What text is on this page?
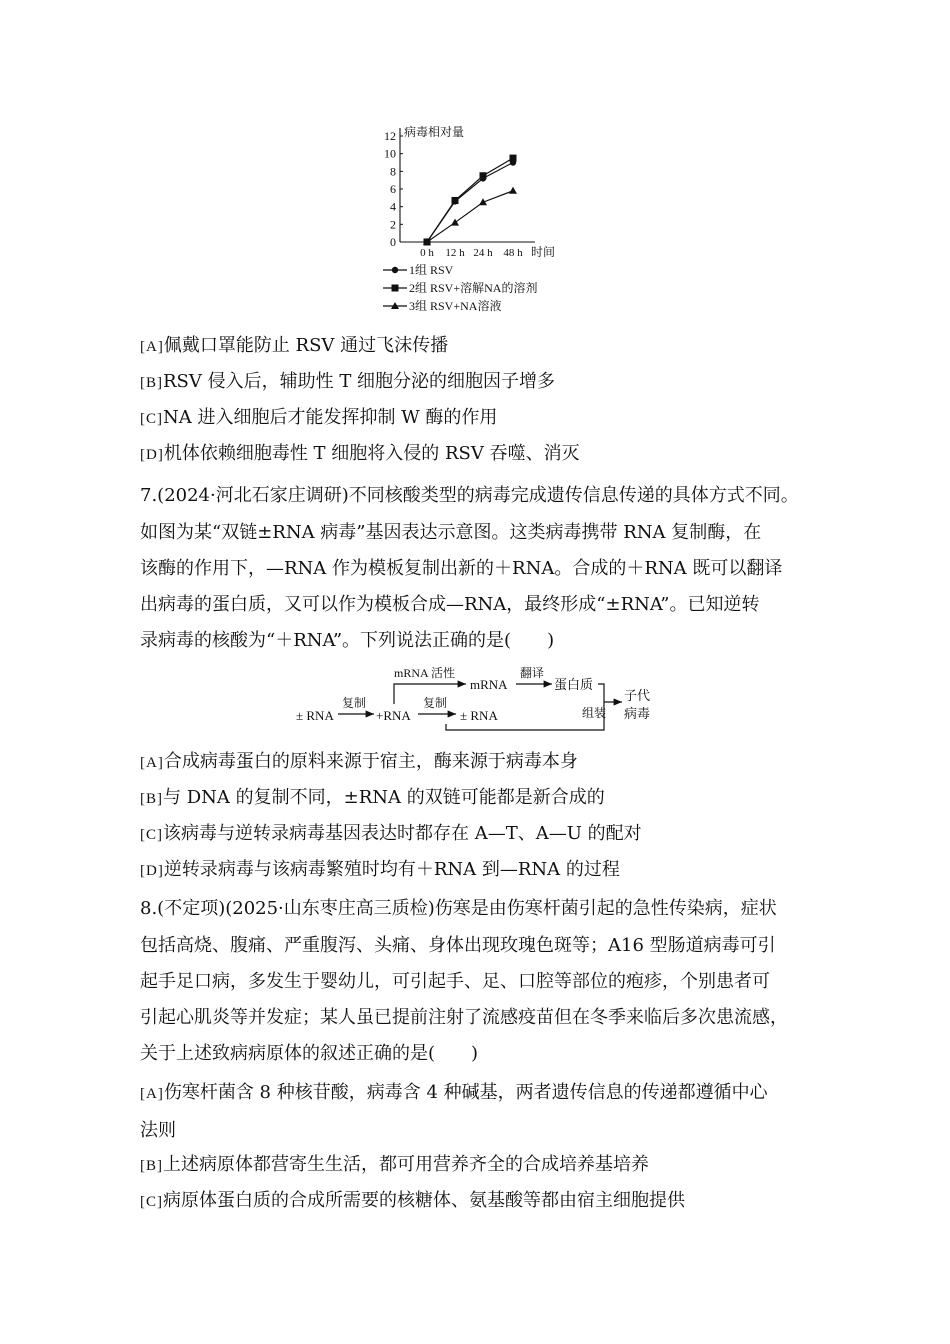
0
2
4
6
8
10
12 病毒相对量
0 h 12 h 24 h 48 h 时间
1组 RSV
2组 RSV+溶解NA的溶剂
3组 RSV+NA溶液
[A]佩戴口罩能防止 RSV 通过飞沫传播
[B]RSV 侵入后，辅助性 T 细胞分泌的细胞因子增多
[C]NA 进入细胞后才能发挥抑制 W 酶的作用
[D]机体依赖细胞毒性 T 细胞将入侵的 RSV 吞噬、消灭
7.(2024·河北石家庄调研)不同核酸类型的病毒完成遗传信息传递的具体方式不同。
如图为某“双链±RNA 病毒”基因表达示意图。这类病毒携带 RNA 复制酶，在
该酶的作用下，—RNA 作为模板复制出新的＋RNA。合成的＋RNA 既可以翻译
出病毒的蛋白质，又可以作为模板合成—RNA，最终形成“±RNA”。已知逆转
录病毒的核酸为“＋RNA”。下列说法正确的是(　　)
± RNA
复制
+RNA
复制
± RNA
mRNA 活性
mRNA
翻译
蛋白质
组装
子代
病毒
[A]合成病毒蛋白的原料来源于宿主，酶来源于病毒本身
[B]与 DNA 的复制不同，±RNA 的双链可能都是新合成的
[C]该病毒与逆转录病毒基因表达时都存在 A—T、A—U 的配对
[D]逆转录病毒与该病毒繁殖时均有＋RNA 到—RNA 的过程
8.(不定项)(2025·山东枣庄高三质检)伤寒是由伤寒杆菌引起的急性传染病，症状
包括高烧、腹痛、严重腹泻、头痛、身体出现玫瑰色斑等；A16 型肠道病毒可引
起手足口病，多发生于婴幼儿，可引起手、足、口腔等部位的疱疹，个别患者可
引起心肌炎等并发症；某人虽已提前注射了流感疫苗但在冬季来临后多次患流感，
关于上述致病病原体的叙述正确的是(　　)
[A]伤寒杆菌含 8 种核苷酸，病毒含 4 种碱基，两者遗传信息的传递都遵循中心
法则
[B]上述病原体都营寄生生活，都可用营养齐全的合成培养基培养
[C]病原体蛋白质的合成所需要的核糖体、氨基酸等都由宿主细胞提供
